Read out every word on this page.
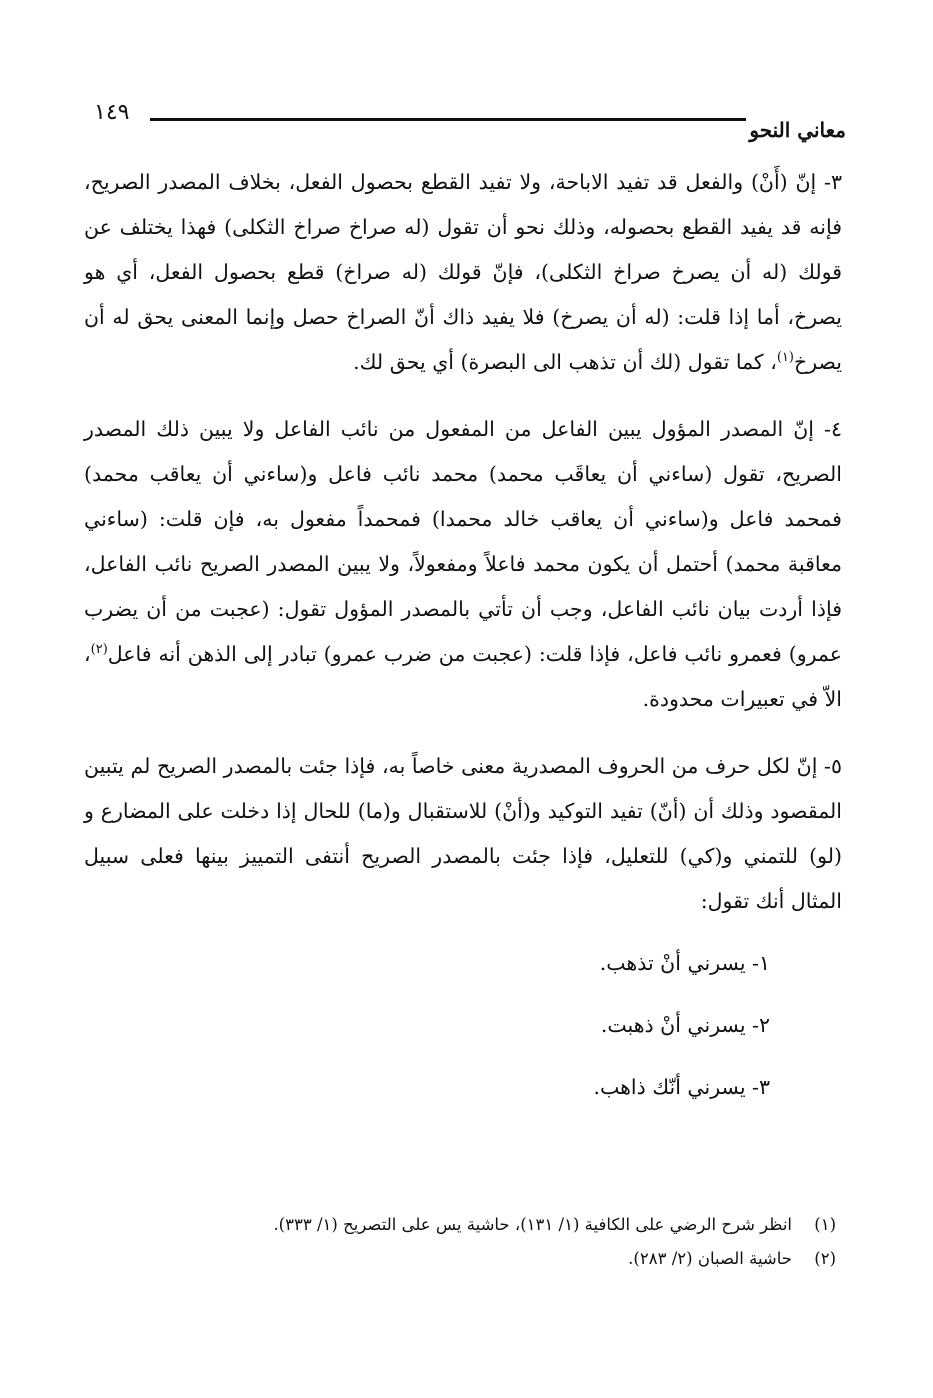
١٤٩
معاني النحو

٣- إنّ (أَنْ) والفعل قد تفيد الاباحة، ولا تفيد القطع بحصول الفعل، بخلاف المصدر الصريح، فإنه قد يفيد القطع بحصوله، وذلك نحو أن تقول (له صراخ صراخ الثكلى) فهذا يختلف عن قولك (له أن يصرخ صراخ الثكلى)، فإنّ قولك (له صراخ) قطع بحصول الفعل، أي هو يصرخ، أما إذا قلت: (له أن يصرخ) فلا يفيد ذاك أنّ الصراخ حصل وإنما المعنى يحق له أن يصرخ$^{(١)}$، كما تقول (لك أن تذهب الى البصرة) أي يحق لك.

٤- إنّ المصدر المؤول يبين الفاعل من المفعول من نائب الفاعل ولا يبين ذلك المصدر الصريح، تقول (ساءني أن يعاقَب محمد) محمد نائب فاعل و(ساءني أن يعاقب محمد) فمحمد فاعل و(ساءني أن يعاقب خالد محمدا) فمحمداً مفعول به، فإن قلت: (ساءني معاقبة محمد) أحتمل أن يكون محمد فاعلاً ومفعولاً، ولا يبين المصدر الصريح نائب الفاعل، فإذا أردت بيان نائب الفاعل، وجب أن تأتي بالمصدر المؤول تقول: (عجبت من أن يضرب عمرو) فعمرو نائب فاعل، فإذا قلت: (عجبت من ضرب عمرو) تبادر إلى الذهن أنه فاعل$^{(٢)}$، الاّ في تعبيرات محدودة.

٥- إنّ لكل حرف من الحروف المصدرية معنى خاصاً به، فإذا جئت بالمصدر الصريح لم يتبين المقصود وذلك أن (أنّ) تفيد التوكيد و(أنْ) للاستقبال و(ما) للحال إذا دخلت على المضارع و (لو) للتمني و(كي) للتعليل، فإذا جئت بالمصدر الصريح أنتفى التمييز بينها فعلى سبيل المثال أنك تقول:

١- يسرني أنْ تذهب.
٢- يسرني أنْ ذهبت.
٣- يسرني أنّك ذاهب.

(١)انظر شرح الرضي على الكافية (١/ ١٣١)، حاشية يس على التصريح (١/ ٣٣٣).

(٢)حاشية الصبان (٢/ ٢٨٣).
